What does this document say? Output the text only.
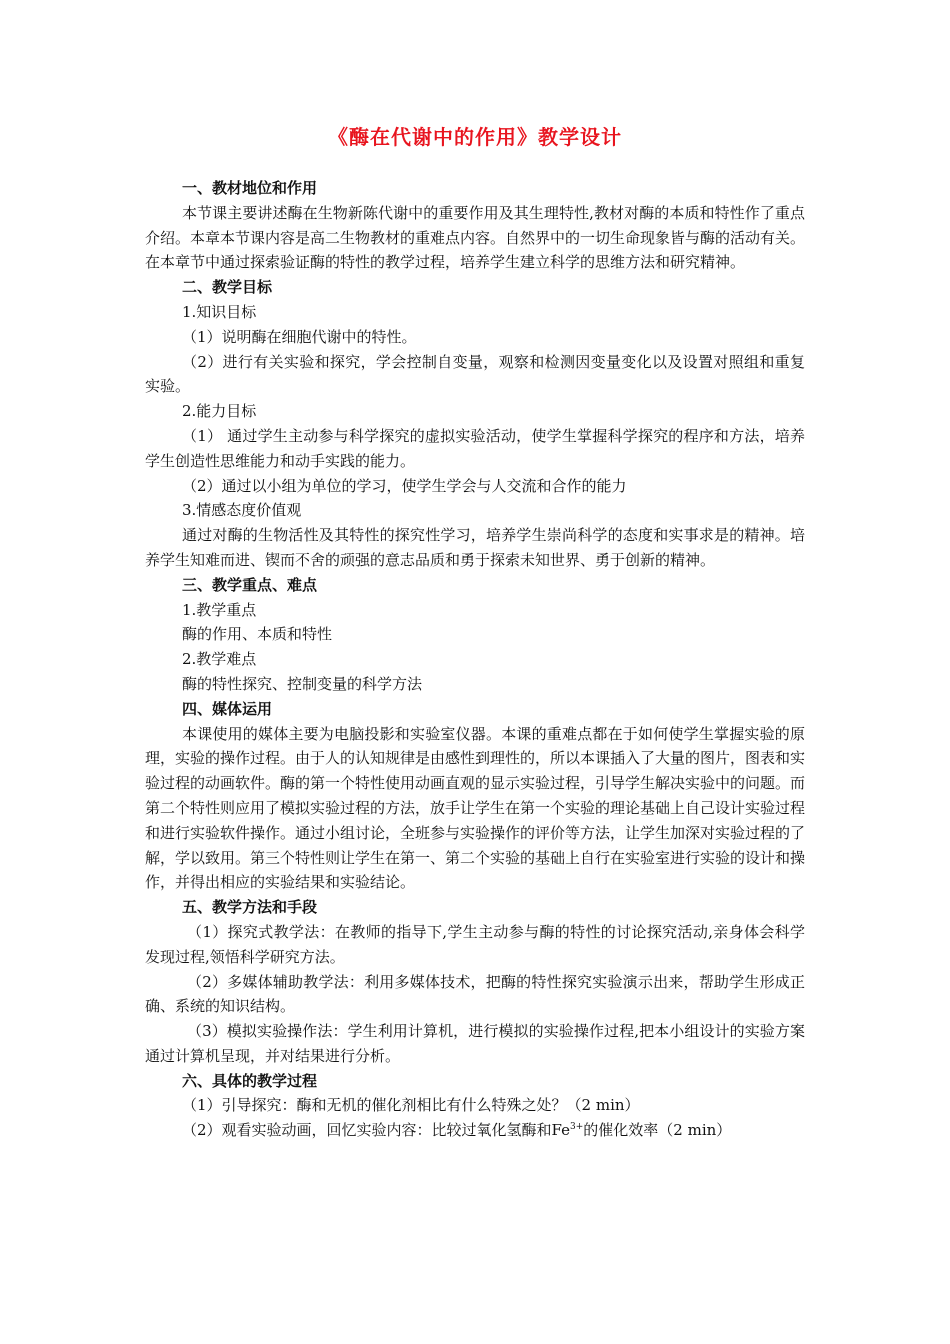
《酶在代谢中的作用》教学设计
一、教材地位和作用

本节课主要讲述酶在生物新陈代谢中的重要作用及其生理特性,教材对酶的本质和特性作了重点介绍。本章本节课内容是高二生物教材的重难点内容。自然界中的一切生命现象皆与酶的活动有关。在本章节中通过探索验证酶的特性的教学过程，培养学生建立科学的思维方法和研究精神。

二、教学目标

1.知识目标

（1）说明酶在细胞代谢中的特性。

（2）进行有关实验和探究，学会控制自变量，观察和检测因变量变化以及设置对照组和重复实验。

2.能力目标

（1） 通过学生主动参与科学探究的虚拟实验活动，使学生掌握科学探究的程序和方法，培养学生创造性思维能力和动手实践的能力。

（2）通过以小组为单位的学习，使学生学会与人交流和合作的能力

3.情感态度价值观

通过对酶的生物活性及其特性的探究性学习，培养学生崇尚科学的态度和实事求是的精神。培养学生知难而进、锲而不舍的顽强的意志品质和勇于探索未知世界、勇于创新的精神。

三、教学重点、难点

1.教学重点

酶的作用、本质和特性

2.教学难点

酶的特性探究、控制变量的科学方法

四、媒体运用

本课使用的媒体主要为电脑投影和实验室仪器。本课的重难点都在于如何使学生掌握实验的原理，实验的操作过程。由于人的认知规律是由感性到理性的，所以本课插入了大量的图片，图表和实验过程的动画软件。酶的第一个特性使用动画直观的显示实验过程，引导学生解决实验中的问题。而第二个特性则应用了模拟实验过程的方法，放手让学生在第一个实验的理论基础上自己设计实验过程和进行实验软件操作。通过小组讨论，全班参与实验操作的评价等方法，让学生加深对实验过程的了解，学以致用。第三个特性则让学生在第一、第二个实验的基础上自行在实验室进行实验的设计和操作，并得出相应的实验结果和实验结论。

五、教学方法和手段

（1）探究式教学法：在教师的指导下,学生主动参与酶的特性的讨论探究活动,亲身体会科学发现过程,领悟科学研究方法。

（2）多媒体辅助教学法：利用多媒体技术，把酶的特性探究实验演示出来，帮助学生形成正确、系统的知识结构。

（3）模拟实验操作法：学生利用计算机，进行模拟的实验操作过程,把本小组设计的实验方案通过计算机呈现，并对结果进行分析。

六、具体的教学过程

（1）引导探究：酶和无机的催化剂相比有什么特殊之处？（2 min）

（2）观看实验动画，回忆实验内容：比较过氧化氢酶和$Fe^{3+}$的催化效率（2 min）
